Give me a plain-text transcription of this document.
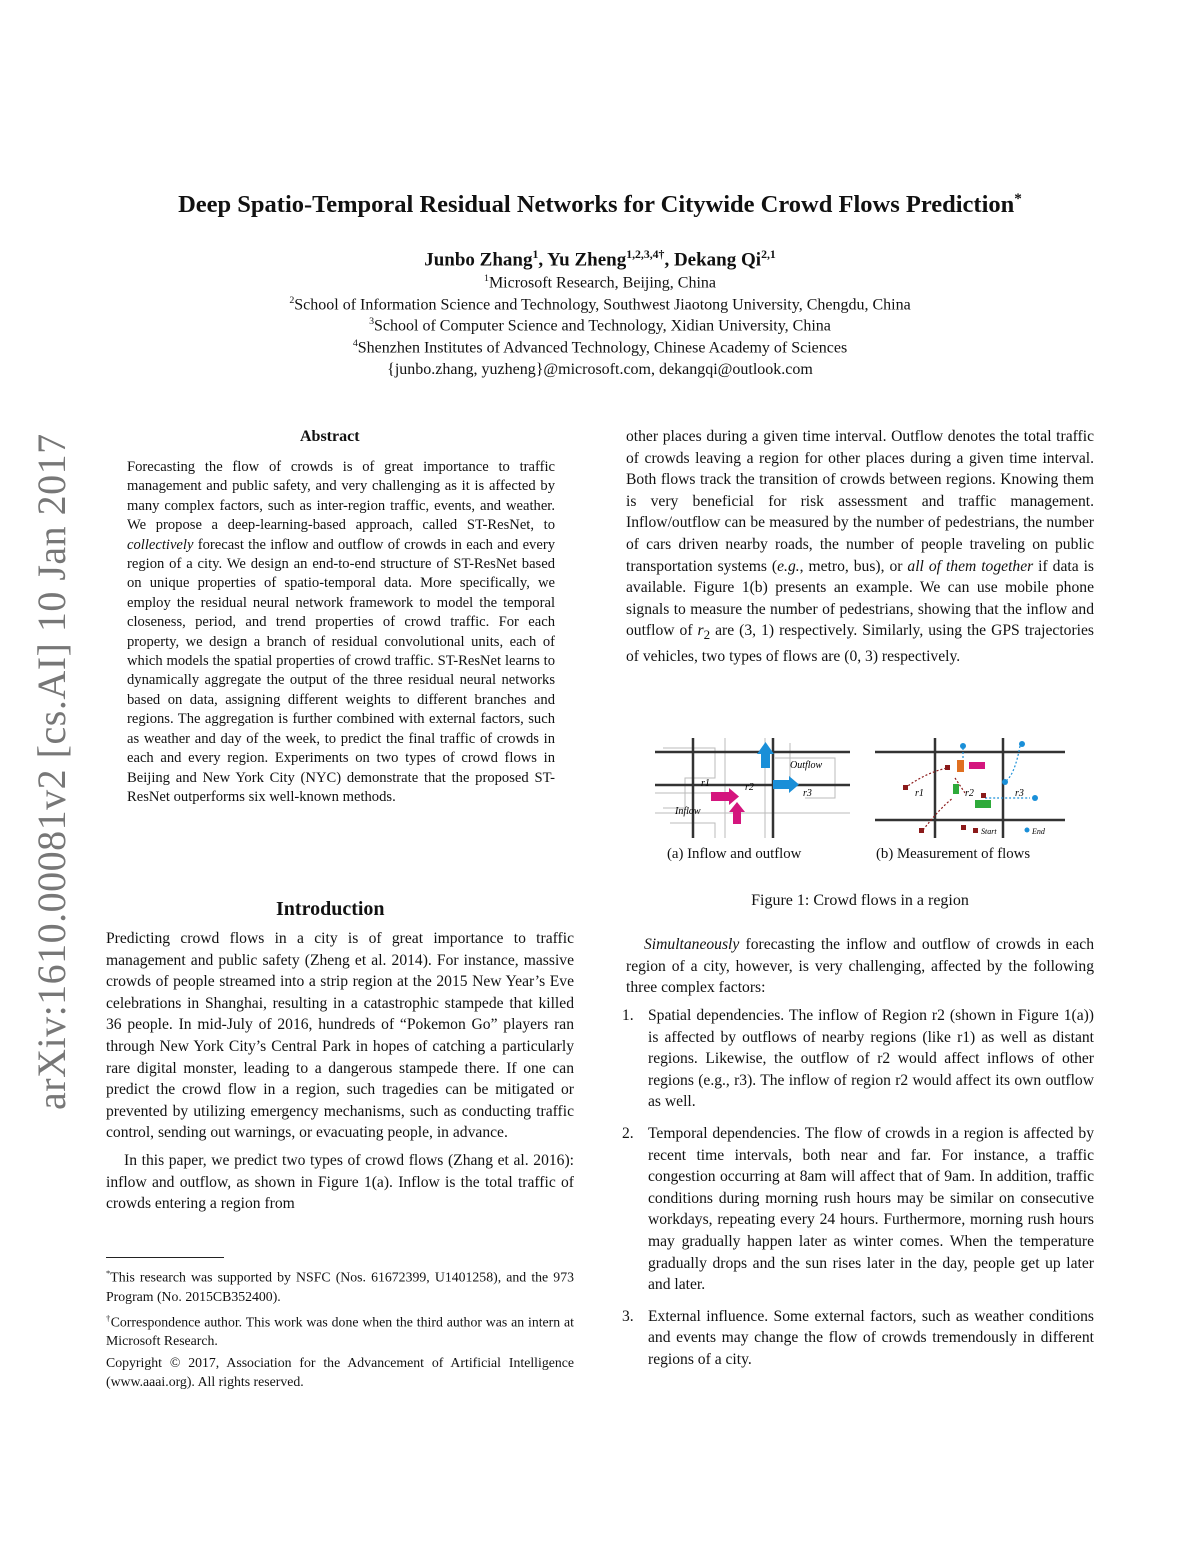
arXiv:1610.00081v2 [cs.AI] 10 Jan 2017
Deep Spatio-Temporal Residual Networks for Citywide Crowd Flows Prediction*
Junbo Zhang$^1$, Yu Zheng$^{1,2,3,4\dagger}$, Dekang Qi$^{2,1}$
$^1$Microsoft Research, Beijing, China
$^2$School of Information Science and Technology, Southwest Jiaotong University, Chengdu, China
$^3$School of Computer Science and Technology, Xidian University, China
$^4$Shenzhen Institutes of Advanced Technology, Chinese Academy of Sciences
{junbo.zhang, yuzheng}@microsoft.com, dekangqi@outlook.com
Abstract
Forecasting the flow of crowds is of great importance to traffic management and public safety, and very challenging as it is affected by many complex factors, such as inter-region traffic, events, and weather. We propose a deep-learning-based approach, called ST-ResNet, to collectively forecast the inflow and outflow of crowds in each and every region of a city. We design an end-to-end structure of ST-ResNet based on unique properties of spatio-temporal data. More specifically, we employ the residual neural network framework to model the temporal closeness, period, and trend properties of crowd traffic. For each property, we design a branch of residual convolutional units, each of which models the spatial properties of crowd traffic. ST-ResNet learns to dynamically aggregate the output of the three residual neural networks based on data, assigning different weights to different branches and regions. The aggregation is further combined with external factors, such as weather and day of the week, to predict the final traffic of crowds in each and every region. Experiments on two types of crowd flows in Beijing and New York City (NYC) demonstrate that the proposed ST-ResNet outperforms six well-known methods.
Introduction

Predicting crowd flows in a city is of great importance to traffic management and public safety (Zheng et al. 2014). For instance, massive crowds of people streamed into a strip region at the 2015 New Year’s Eve celebrations in Shanghai, resulting in a catastrophic stampede that killed 36 people. In mid-July of 2016, hundreds of “Pokemon Go” players ran through New York City’s Central Park in hopes of catching a particularly rare digital monster, leading to a dangerous stampede there. If one can predict the crowd flow in a region, such tragedies can be mitigated or prevented by utilizing emergency mechanisms, such as conducting traffic control, sending out warnings, or evacuating people, in advance.

In this paper, we predict two types of crowd flows (Zhang et al. 2016): inflow and outflow, as shown in Figure 1(a). Inflow is the total traffic of crowds entering a region from

*This research was supported by NSFC (Nos. 61672399, U1401258), and the 973 Program (No. 2015CB352400).

†Correspondence author. This work was done when the third author was an intern at Microsoft Research.

Copyright © 2017, Association for the Advancement of Artificial Intelligence (www.aaai.org). All rights reserved.

other places during a given time interval. Outflow denotes the total traffic of crowds leaving a region for other places during a given time interval. Both flows track the transition of crowds between regions. Knowing them is very beneficial for risk assessment and traffic management. Inflow/outflow can be measured by the number of pedestrians, the number of cars driven nearby roads, the number of people traveling on public transportation systems (e.g., metro, bus), or all of them together if data is available. Figure 1(b) presents an example. We can use mobile phone signals to measure the number of pedestrians, showing that the inflow and outflow of $r_2$ are (3, 1) respectively. Similarly, using the GPS trajectories of vehicles, two types of flows are (0, 3) respectively.
r1	r2
r3
Outflow
Inflow
r1	r2	r3
Start	End
(a) Inflow and outflow	(b) Measurement of flows
Figure 1: Crowd flows in a region

Simultaneously forecasting the inflow and outflow of crowds in each region of a city, however, is very challenging, affected by the following three complex factors:

1. Spatial dependencies. The inflow of Region r2 (shown in Figure 1(a)) is affected by outflows of nearby regions (like r1) as well as distant regions. Likewise, the outflow of r2 would affect inflows of other regions (e.g., r3). The inflow of region r2 would affect its own outflow as well.
2. Temporal dependencies. The flow of crowds in a region is affected by recent time intervals, both near and far. For instance, a traffic congestion occurring at 8am will affect that of 9am. In addition, traffic conditions during morning rush hours may be similar on consecutive workdays, repeating every 24 hours. Furthermore, morning rush hours may gradually happen later as winter comes. When the temperature gradually drops and the sun rises later in the day, people get up later and later.
3. External influence. Some external factors, such as weather conditions and events may change the flow of crowds tremendously in different regions of a city.
